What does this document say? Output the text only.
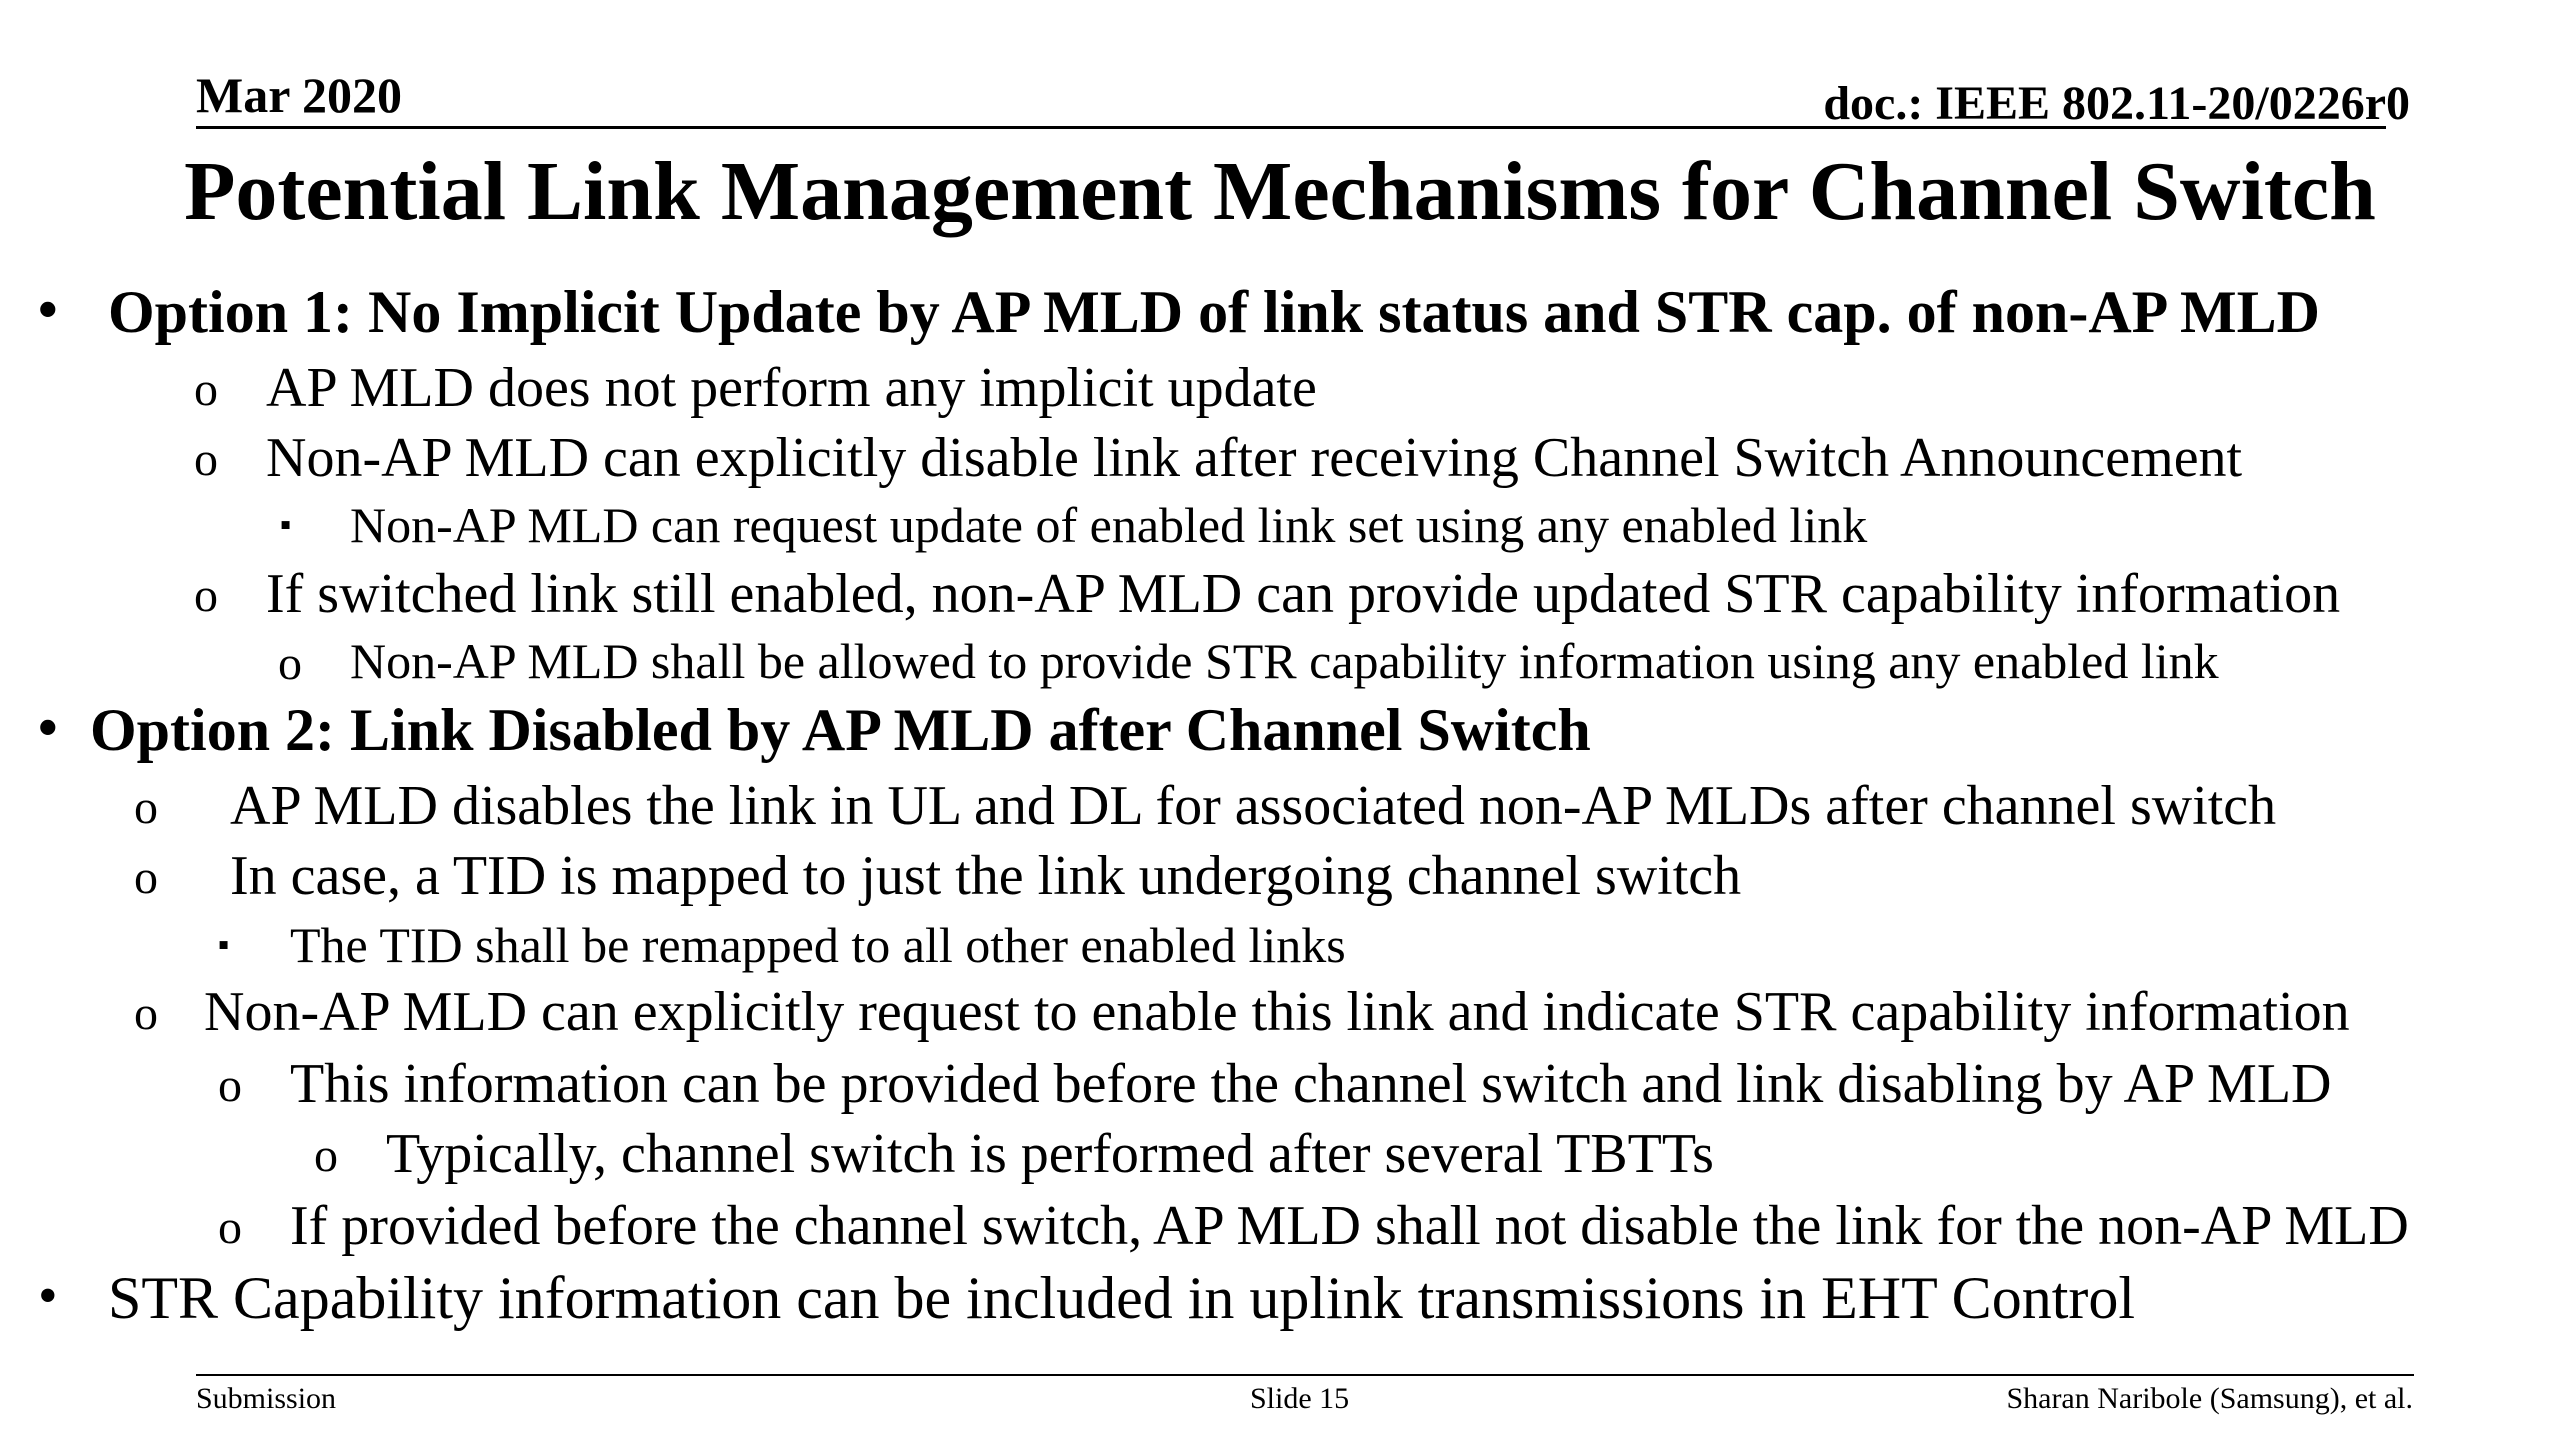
Mar 2020	doc.: IEEE 802.11-20/0226r0
Potential Link Management Mechanisms for Channel Switch
• Option 1: No Implicit Update by AP MLD of link status and STR cap. of non-AP MLD
o AP MLD does not perform any implicit update
o Non-AP MLD can explicitly disable link after receiving Channel Switch Announcement
▪ Non-AP MLD can request update of enabled link set using any enabled link
o If switched link still enabled, non-AP MLD can provide updated STR capability information
o Non-AP MLD shall be allowed to provide STR capability information using any enabled link
• Option 2: Link Disabled by AP MLD after Channel Switch
o AP MLD disables the link in UL and DL for associated non-AP MLDs after channel switch
o In case, a TID is mapped to just the link undergoing channel switch
▪ The TID shall be remapped to all other enabled links
o Non-AP MLD can explicitly request to enable this link and indicate STR capability information
o This information can be provided before the channel switch and link disabling by AP MLD
o Typically, channel switch is performed after several TBTTs
o If provided before the channel switch, AP MLD shall not disable the link for the non-AP MLD
• STR Capability information can be included in uplink transmissions in EHT Control
Submission	Slide 15	Sharan Naribole (Samsung), et al.
